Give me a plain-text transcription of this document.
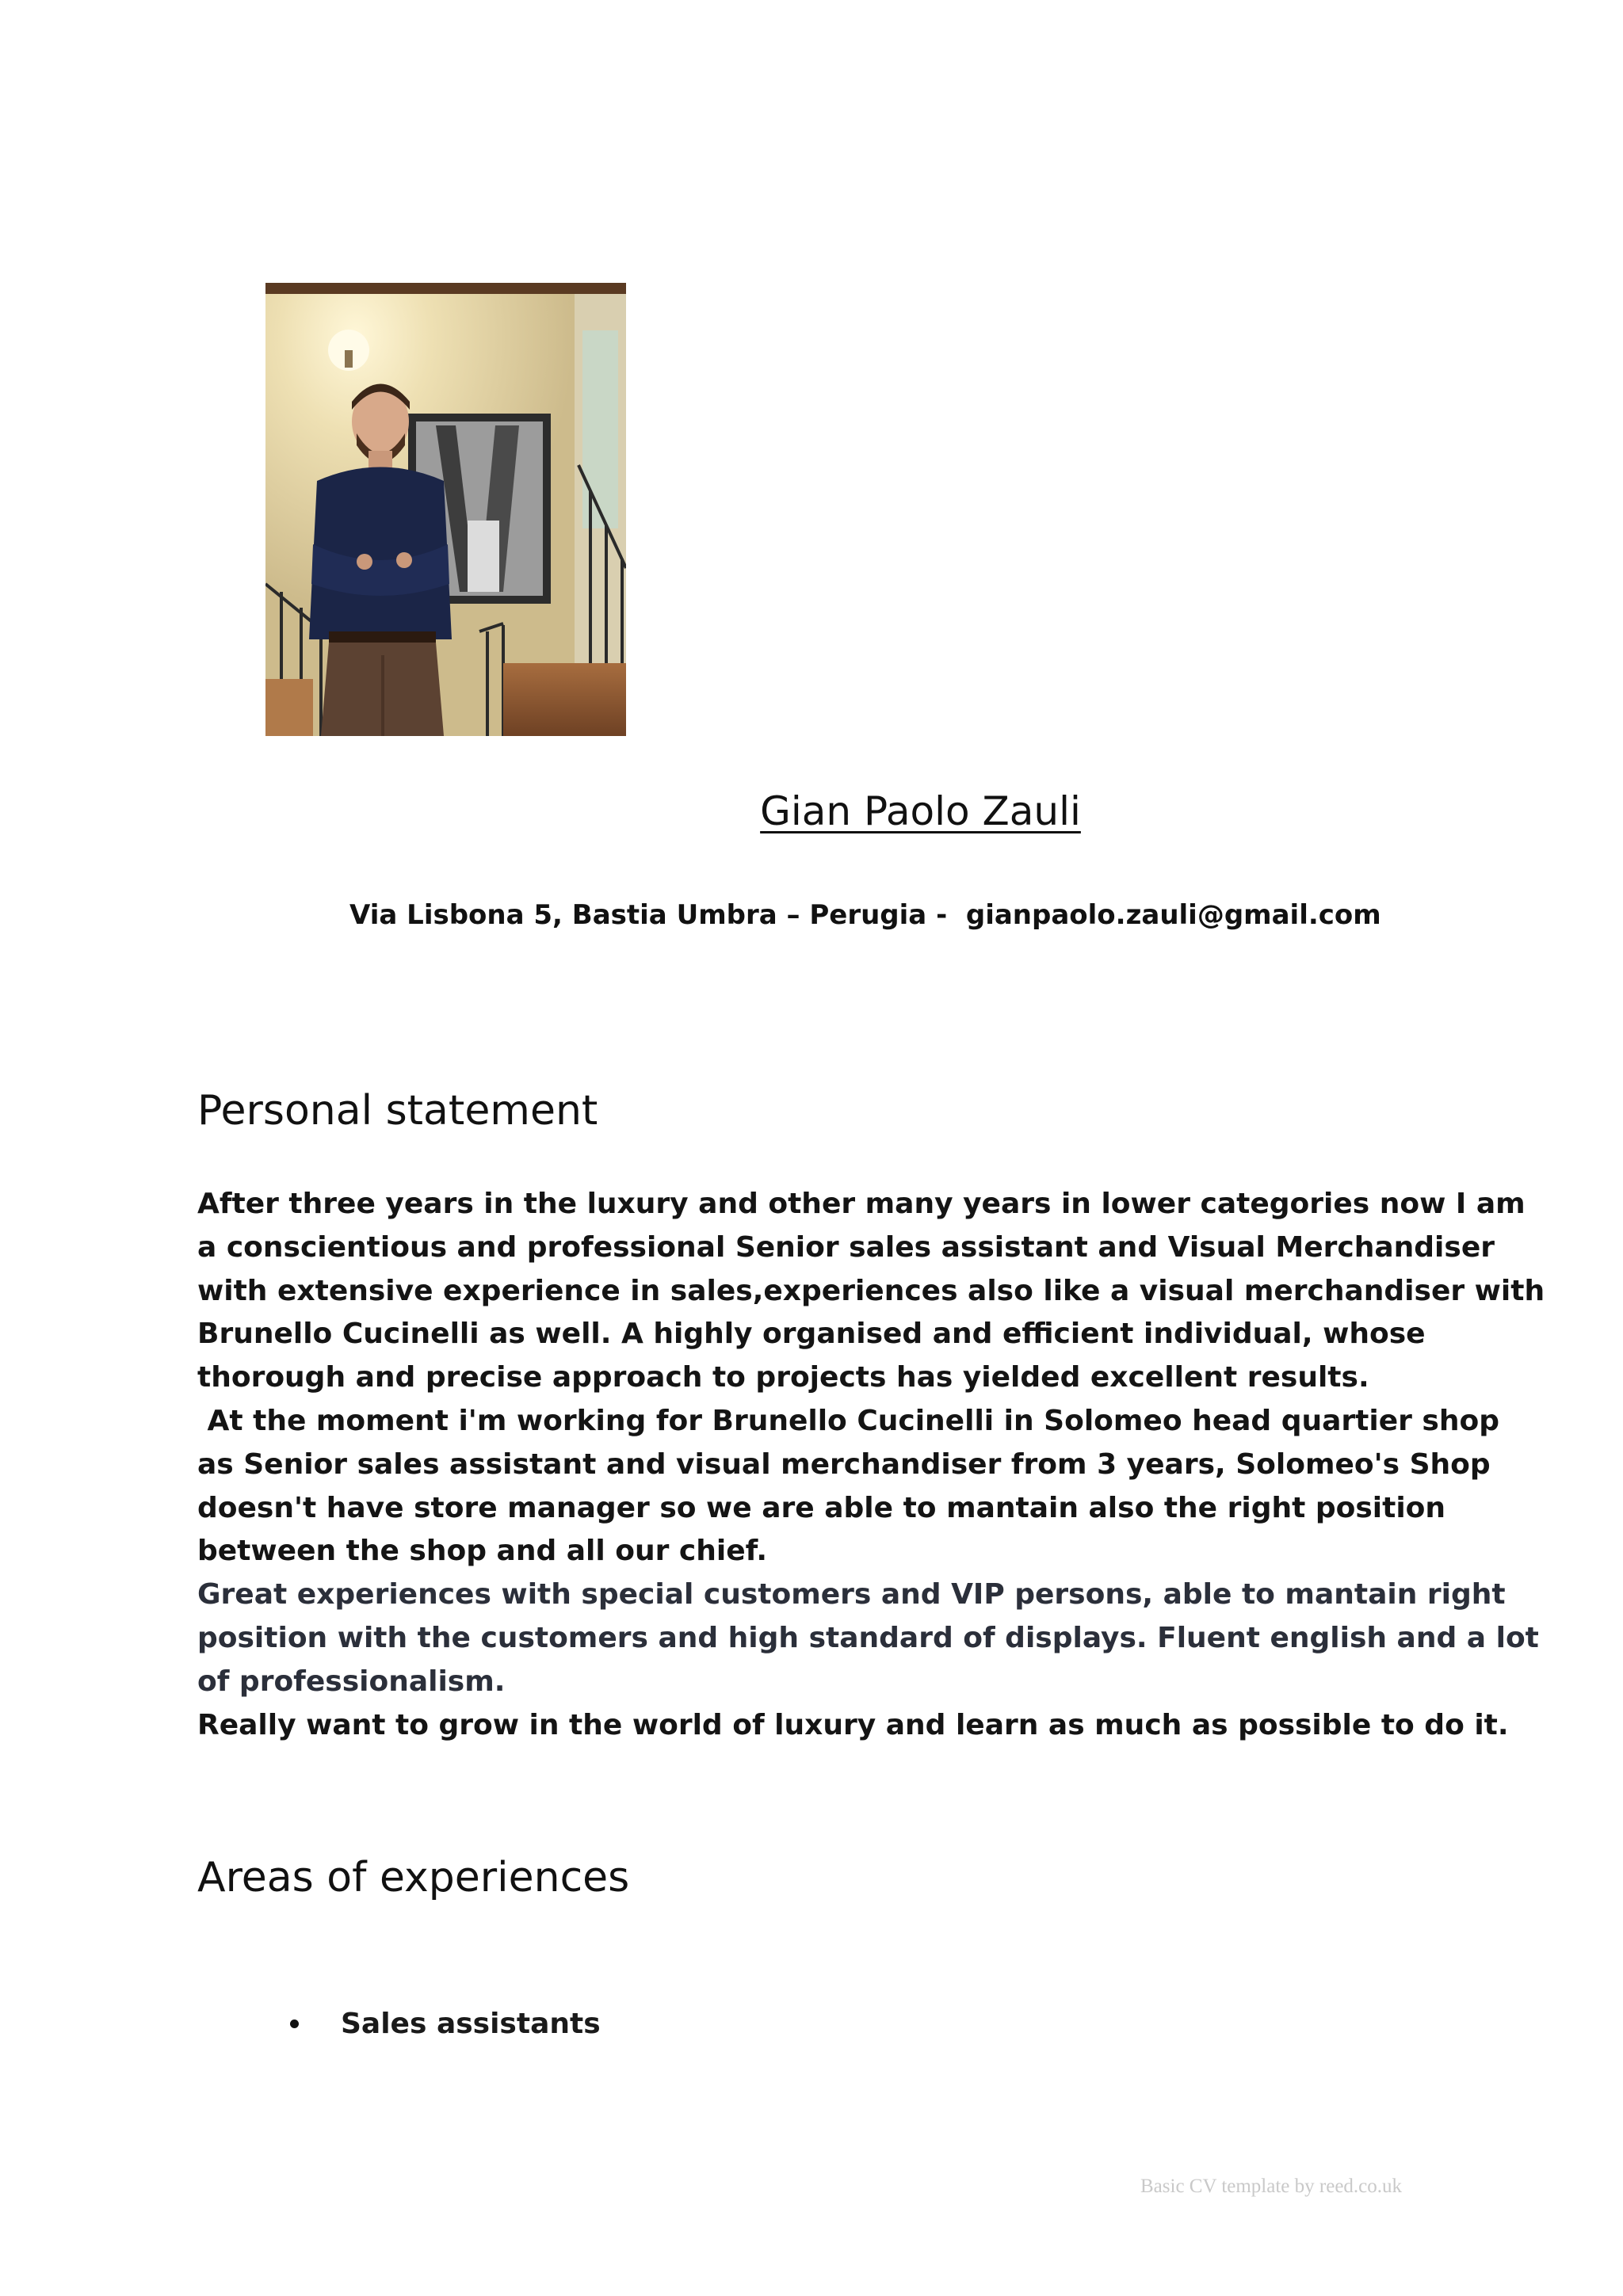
Gian Paolo Zauli
Via Lisbona 5, Bastia Umbra – Perugia - gianpaolo.zauli@gmail.com
Personal statement
After three years in the luxury and other many years in lower categories now I am
a conscientious and professional Senior sales assistant and Visual Merchandiser
with extensive experience in sales,experiences also like a visual merchandiser with
Brunello Cucinelli as well. A highly organised and efficient individual, whose
thorough and precise approach to projects has yielded excellent results.
At the moment i'm working for Brunello Cucinelli in Solomeo head quartier shop
as Senior sales assistant and visual merchandiser from 3 years, Solomeo's Shop
doesn't have store manager so we are able to mantain also the right position
between the shop and all our chief.
Great experiences with special customers and VIP persons, able to mantain right
position with the customers and high standard of displays. Fluent english and a lot
of professionalism.
Really want to grow in the world of luxury and learn as much as possible to do it.
Areas of experiences
Sales assistants
Basic CV template by reed.co.uk
